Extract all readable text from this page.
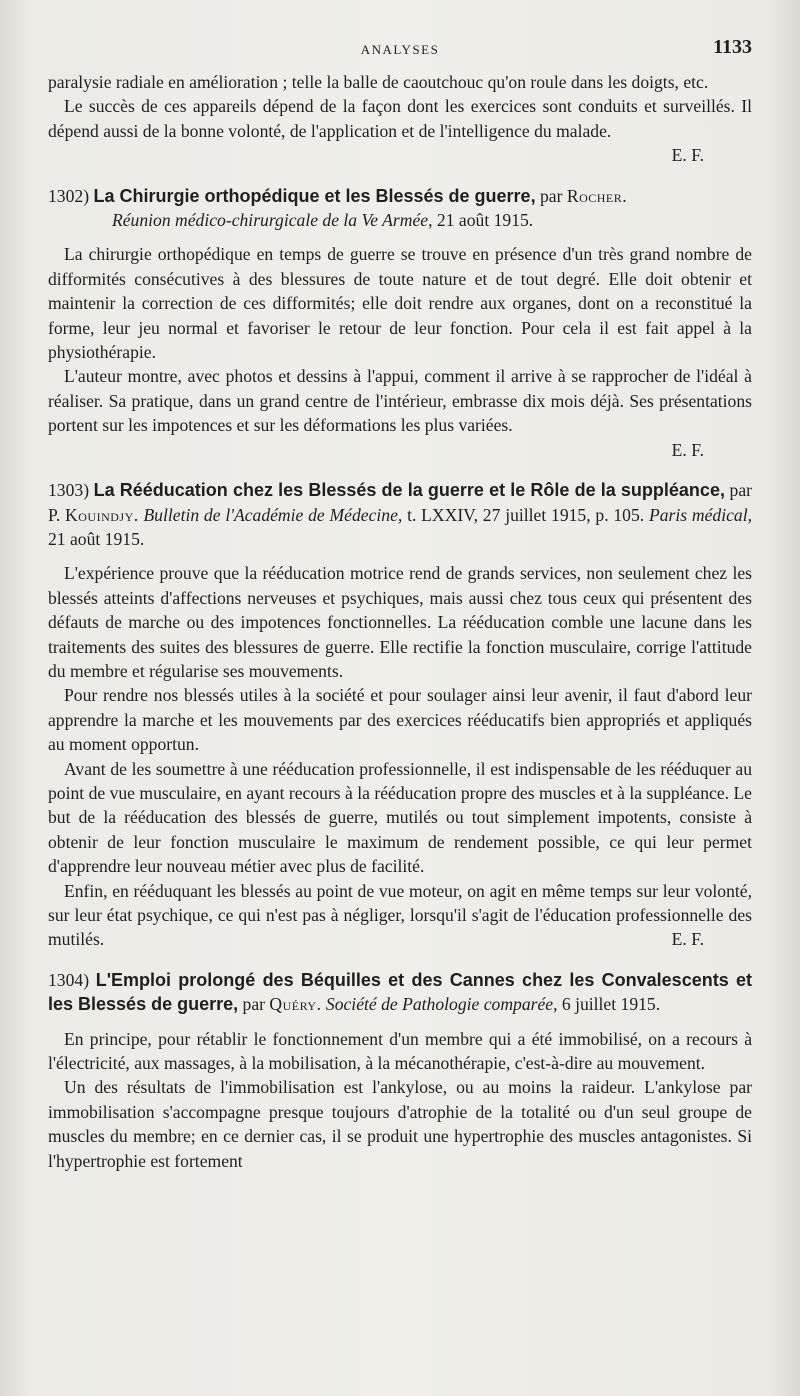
ANALYSES	1133

paralysie radiale en amélioration ; telle la balle de caoutchouc qu'on roule dans les doigts, etc.

Le succès de ces appareils dépend de la façon dont les exercices sont conduits et surveillés. Il dépend aussi de la bonne volonté, de l'application et de l'intelligence du malade.

E. F.

1302) La Chirurgie orthopédique et les Blessés de guerre, par Rocher.
Réunion médico-chirurgicale de la Ve Armée, 21 août 1915.

La chirurgie orthopédique en temps de guerre se trouve en présence d'un très grand nombre de difformités consécutives à des blessures de toute nature et de tout degré. Elle doit obtenir et maintenir la correction de ces difformités; elle doit rendre aux organes, dont on a reconstitué la forme, leur jeu normal et favoriser le retour de leur fonction. Pour cela il est fait appel à la physiothérapie.

L'auteur montre, avec photos et dessins à l'appui, comment il arrive à se rapprocher de l'idéal à réaliser. Sa pratique, dans un grand centre de l'intérieur, embrasse dix mois déjà. Ses présentations portent sur les impotences et sur les déformations les plus variées.

E. F.

1303) La Rééducation chez les Blessés de la guerre et le Rôle de la suppléance, par P. Kouindjy. Bulletin de l'Académie de Médecine, t. LXXIV, 27 juillet 1915, p. 105. Paris médical, 21 août 1915.

L'expérience prouve que la rééducation motrice rend de grands services, non seulement chez les blessés atteints d'affections nerveuses et psychiques, mais aussi chez tous ceux qui présentent des défauts de marche ou des impotences fonctionnelles. La rééducation comble une lacune dans les traitements des suites des blessures de guerre. Elle rectifie la fonction musculaire, corrige l'attitude du membre et régularise ses mouvements.

Pour rendre nos blessés utiles à la société et pour soulager ainsi leur avenir, il faut d'abord leur apprendre la marche et les mouvements par des exercices rééducatifs bien appropriés et appliqués au moment opportun.

Avant de les soumettre à une rééducation professionnelle, il est indispensable de les rééduquer au point de vue musculaire, en ayant recours à la rééducation propre des muscles et à la suppléance. Le but de la rééducation des blessés de guerre, mutilés ou tout simplement impotents, consiste à obtenir de leur fonction musculaire le maximum de rendement possible, ce qui leur permet d'apprendre leur nouveau métier avec plus de facilité.

Enfin, en rééduquant les blessés au point de vue moteur, on agit en même temps sur leur volonté, sur leur état psychique, ce qui n'est pas à négliger, lorsqu'il s'agit de l'éducation professionnelle des mutilés.	E. F.

1304) L'Emploi prolongé des Béquilles et des Cannes chez les Convalescents et les Blessés de guerre, par Quéry. Société de Pathologie comparée, 6 juillet 1915.

En principe, pour rétablir le fonctionnement d'un membre qui a été immobilisé, on a recours à l'électricité, aux massages, à la mobilisation, à la mécanothérapie, c'est-à-dire au mouvement.

Un des résultats de l'immobilisation est l'ankylose, ou au moins la raideur. L'ankylose par immobilisation s'accompagne presque toujours d'atrophie de la totalité ou d'un seul groupe de muscles du membre; en ce dernier cas, il se produit une hypertrophie des muscles antagonistes. Si l'hypertrophie est fortement
